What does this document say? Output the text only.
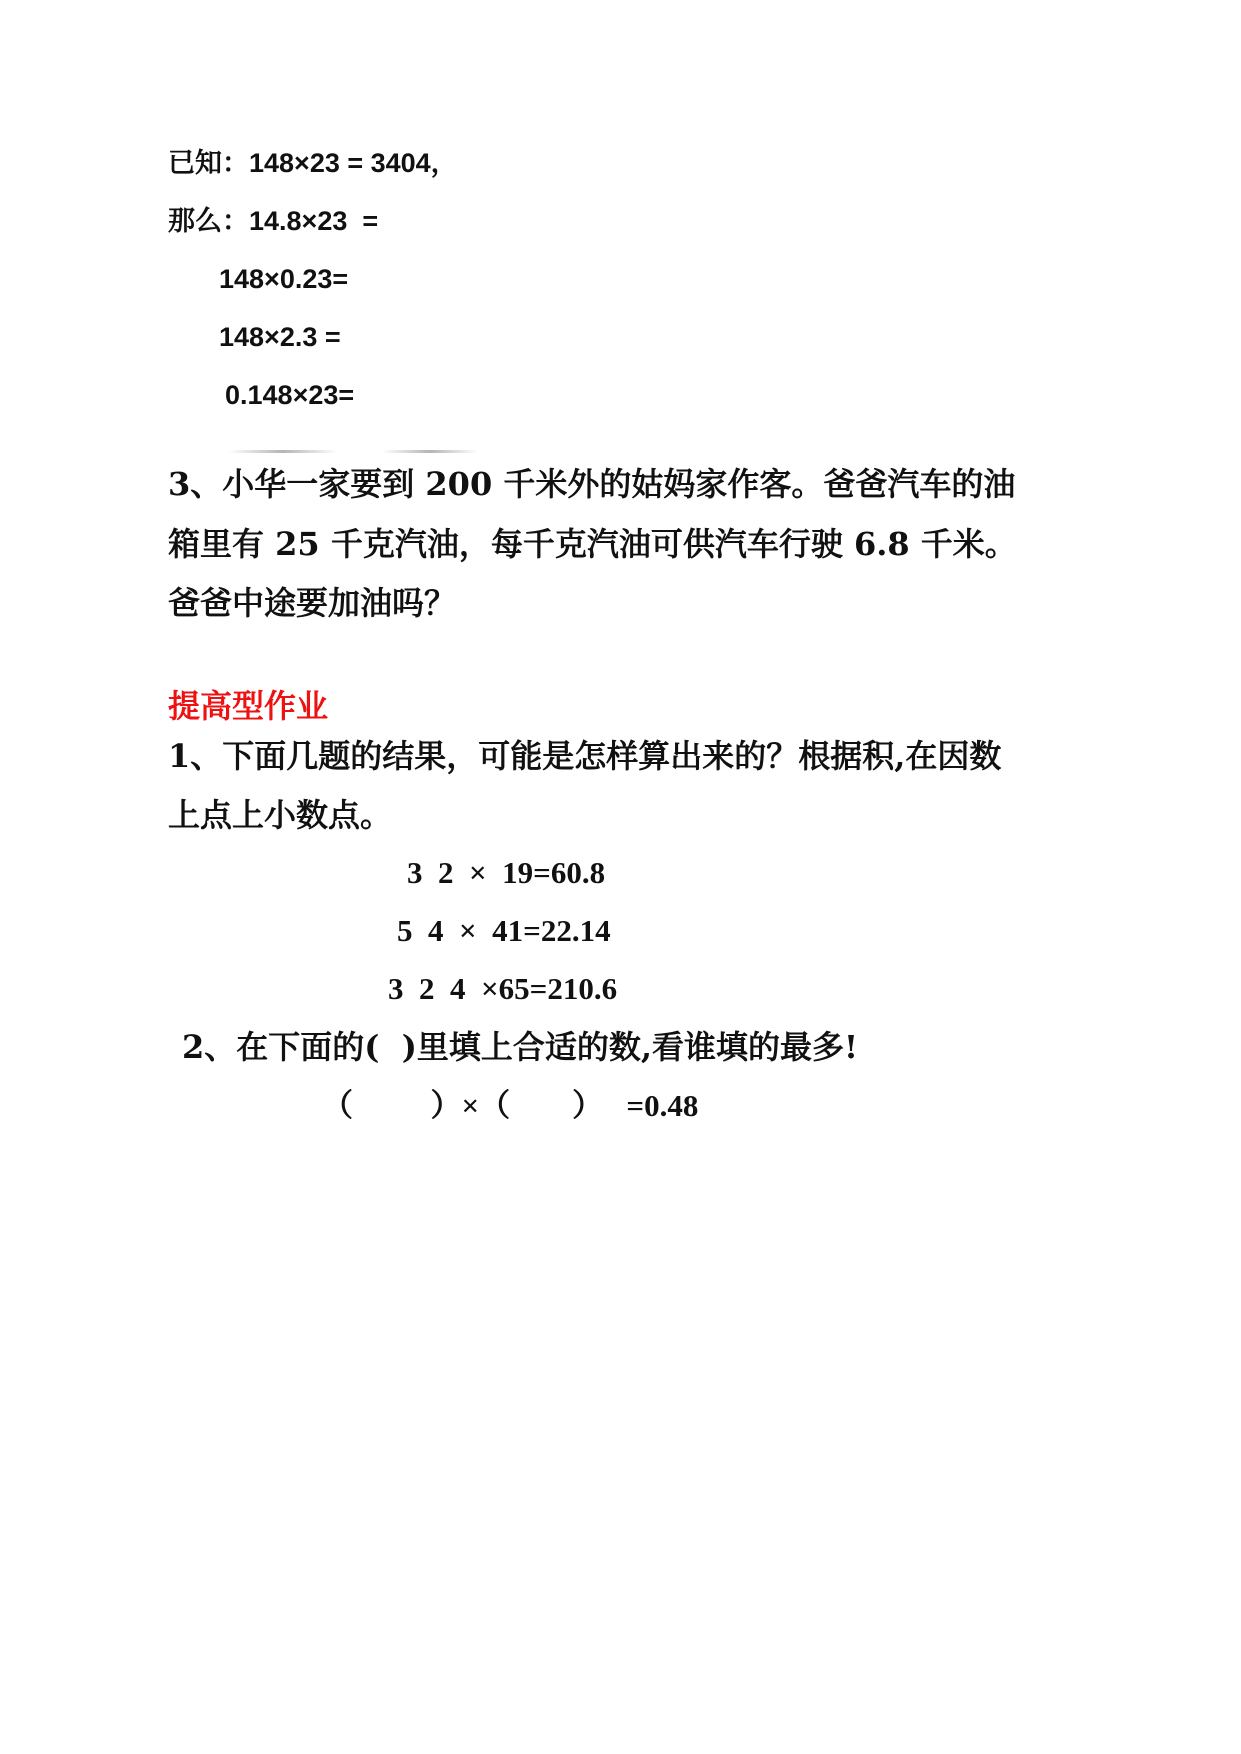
已知：148×23 = 3404，

那么：14.8×23  =

148×0.23=

148×2.3 =

0.148×23=

3、小华一家要到 200 千米外的姑妈家作客。爸爸汽车的油

箱里有 25 千克汽油，每千克汽油可供汽车行驶 6.8 千米。

爸爸中途要加油吗？

提高型作业

1、下面几题的结果，可能是怎样算出来的？根据积,在因数

上点上小数点。

3  2  ×  19=60.8

5  4  ×  41=22.14

3  2  4  ×65=210.6

2、在下面的(  )里填上合适的数,看谁填的最多!

（          ）×（        ）   =0.48
